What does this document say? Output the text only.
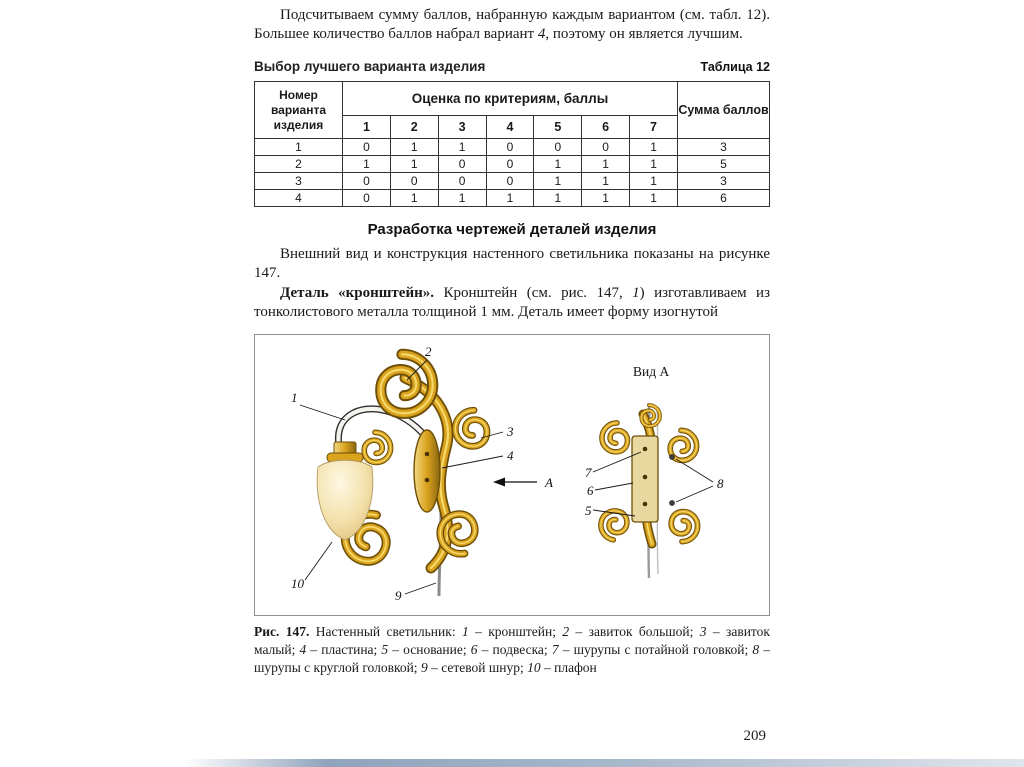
Подсчитываем сумму баллов, набранную каждым вариантом (см. табл. 12). Большее количество баллов набрал вариант 4, поэтому он является лучшим.

Выбор лучшего варианта изделия	Таблица 12
Номер варианта изделия	Оценка по критериям, баллы							Сумма баллов
	1	2	3	4	5	6	7	
1	0	1	1	0	0	0	1	3
2	1	1	0	0	1	1	1	5
3	0	0	0	0	1	1	1	3
4	0	1	1	1	1	1	1	6
Разработка чертежей деталей изделия

Внешний вид и конструкция настенного светильника показаны на рисунке 147.

Деталь «кронштейн». Кронштейн (см. рис. 147, 1) изготавливаем из тонколистового металла толщиной 1 мм. Деталь имеет форму изогнутой

1
2
3
4
А
10
9
Вид А
7
6
5
8

Рис. 147. Настенный светильник: 1 – кронштейн; 2 – завиток большой; 3 – завиток малый; 4 – пластина; 5 – основание; 6 – подвеска; 7 – шурупы с потайной головкой; 8 – шурупы с круглой головкой; 9 – сетевой шнур; 10 – плафон

209
